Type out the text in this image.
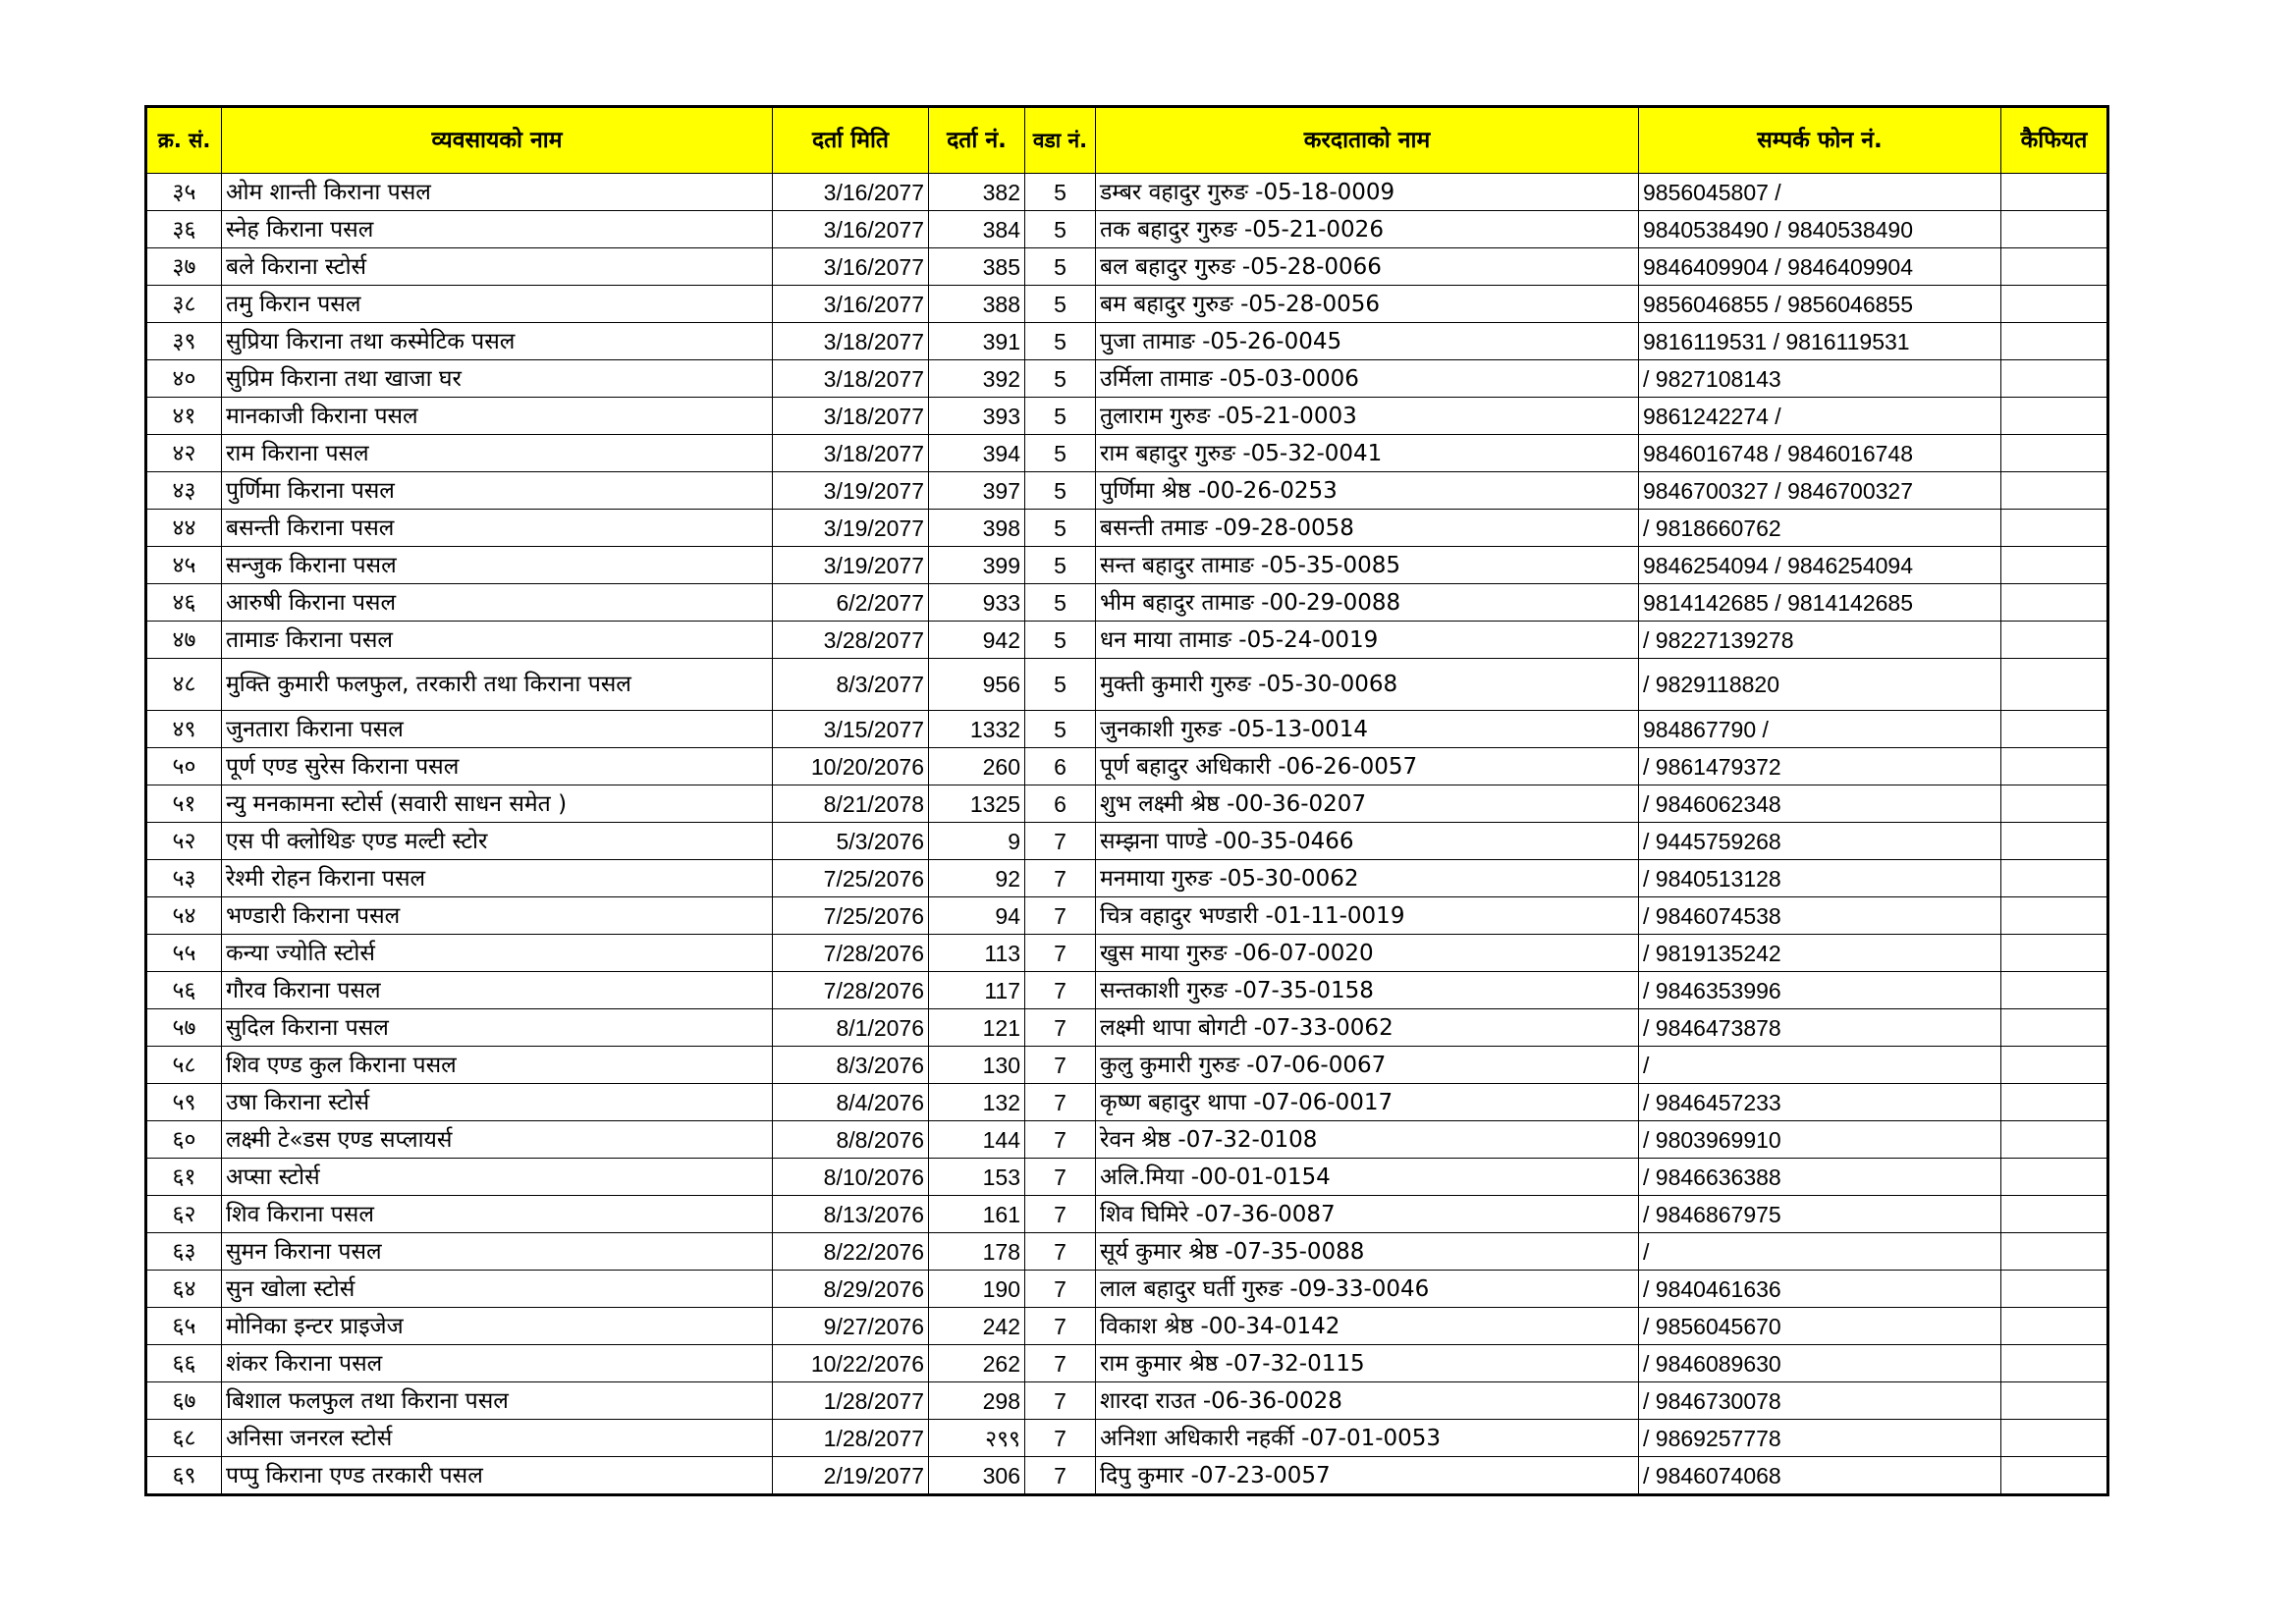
क्र. सं.	व्यवसायको नाम	दर्ता मिति	दर्ता नं.	वडा नं.	करदाताको नाम	सम्पर्क फोन नं.	कैफियत
३५	ओम शान्ती किराना पसल	3/16/2077	382	5	डम्बर वहादुर गुरुङ -05-18-0009	9856045807 /	
३६	स्नेह किराना पसल	3/16/2077	384	5	तक बहादुर गुरुङ -05-21-0026	9840538490 / 9840538490	
३७	बले किराना स्टोर्स	3/16/2077	385	5	बल बहादुर गुरुङ -05-28-0066	9846409904 / 9846409904	
३८	तमु किरान पसल	3/16/2077	388	5	बम बहादुर गुरुङ -05-28-0056	9856046855 / 9856046855	
३९	सुप्रिया किराना तथा कस्मेटिक पसल	3/18/2077	391	5	पुजा तामाङ -05-26-0045	9816119531 / 9816119531	
४०	सुप्रिम किराना तथा खाजा घर	3/18/2077	392	5	उर्मिला तामाङ -05-03-0006	/ 9827108143	
४१	मानकाजी किराना पसल	3/18/2077	393	5	तुलाराम गुरुङ -05-21-0003	9861242274 /	
४२	राम किराना पसल	3/18/2077	394	5	राम बहादुर गुरुङ -05-32-0041	9846016748 / 9846016748	
४३	पुर्णिमा किराना पसल	3/19/2077	397	5	पुर्णिमा श्रेष्ठ -00-26-0253	9846700327 / 9846700327	
४४	बसन्ती किराना पसल	3/19/2077	398	5	बसन्ती तमाङ -09-28-0058	/ 9818660762	
४५	सन्जुक किराना पसल	3/19/2077	399	5	सन्त बहादुर तामाङ -05-35-0085	9846254094 / 9846254094	
४६	आरुषी किराना पसल	6/2/2077	933	5	भीम बहादुर तामाङ -00-29-0088	9814142685 / 9814142685	
४७	तामाङ किराना पसल	3/28/2077	942	5	धन माया तामाङ -05-24-0019	/ 98227139278	
४८	मुक्ति कुमारी फलफुल, तरकारी तथा किराना पसल	8/3/2077	956	5	मुक्ती कुमारी गुरुङ -05-30-0068	/ 9829118820	
४९	जुनतारा किराना पसल	3/15/2077	1332	5	जुनकाशी गुरुङ -05-13-0014	984867790 /	
५०	पूर्ण एण्ड सुरेस किराना पसल	10/20/2076	260	6	पूर्ण बहादुर अधिकारी -06-26-0057	/ 9861479372	
५१	न्यु मनकामना स्टोर्स (सवारी साधन समेत )	8/21/2078	1325	6	शुभ लक्ष्मी श्रेष्ठ -00-36-0207	/ 9846062348	
५२	एस पी क्लोथिङ एण्ड मल्टी स्टोर	5/3/2076	9	7	सम्झना पाण्डे -00-35-0466	/ 9445759268	
५३	रेश्मी रोहन किराना पसल	7/25/2076	92	7	मनमाया गुरुङ -05-30-0062	/ 9840513128	
५४	भण्डारी किराना पसल	7/25/2076	94	7	चित्र वहादुर भण्डारी -01-11-0019	/ 9846074538	
५५	कन्या ज्योति स्टोर्स	7/28/2076	113	7	खुस माया गुरुङ -06-07-0020	/ 9819135242	
५६	गौरव किराना पसल	7/28/2076	117	7	सन्तकाशी गुरुङ -07-35-0158	/ 9846353996	
५७	सुदिल किराना पसल	8/1/2076	121	7	लक्ष्मी थापा बोगटी -07-33-0062	/ 9846473878	
५८	शिव एण्ड कुल किराना पसल	8/3/2076	130	7	कुलु कुमारी गुरुङ -07-06-0067	/	
५९	उषा किराना स्टोर्स	8/4/2076	132	7	कृष्ण बहादुर थापा -07-06-0017	/ 9846457233	
६०	लक्ष्मी टे«डस एण्ड सप्लायर्स	8/8/2076	144	7	रेवन श्रेष्ठ -07-32-0108	/ 9803969910	
६१	अप्सा स्टोर्स	8/10/2076	153	7	अलि.मिया -00-01-0154	/ 9846636388	
६२	शिव किराना पसल	8/13/2076	161	7	शिव घिमिरे -07-36-0087	/ 9846867975	
६३	सुमन किराना पसल	8/22/2076	178	7	सूर्य कुमार श्रेष्ठ -07-35-0088	/	
६४	सुन खोला स्टोर्स	8/29/2076	190	7	लाल बहादुर घर्ती गुरुङ -09-33-0046	/ 9840461636	
६५	मोनिका इन्टर प्राइजेज	9/27/2076	242	7	विकाश श्रेष्ठ -00-34-0142	/ 9856045670	
६६	शंकर किराना पसल	10/22/2076	262	7	राम कुमार श्रेष्ठ -07-32-0115	/ 9846089630	
६७	बिशाल फलफुल तथा किराना पसल	1/28/2077	298	7	शारदा राउत -06-36-0028	/ 9846730078	
६८	अनिसा जनरल स्टोर्स	1/28/2077	२९९	7	अनिशा अधिकारी नहर्की -07-01-0053	/ 9869257778	
६९	पप्पु किराना एण्ड तरकारी पसल	2/19/2077	306	7	दिपु कुमार -07-23-0057	/ 9846074068	
